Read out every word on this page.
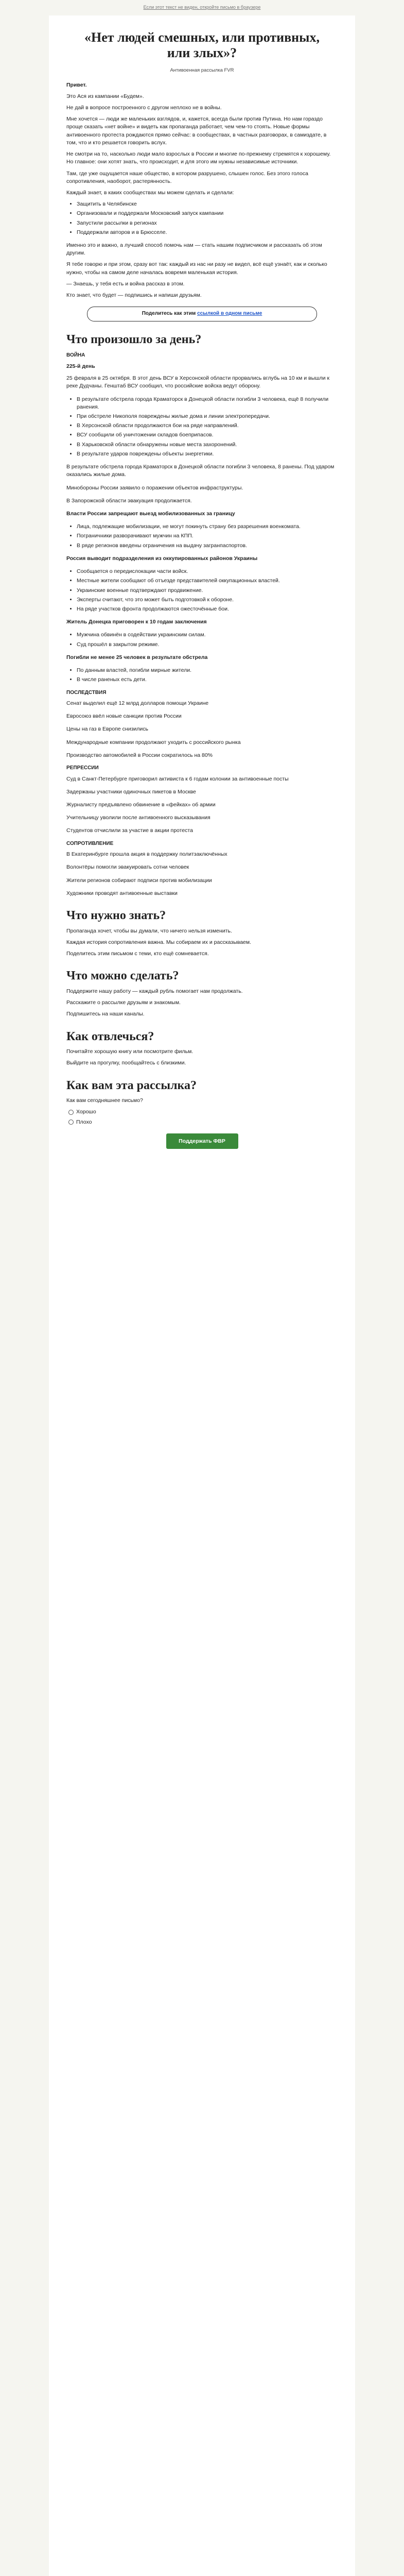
Если этот текст не виден, откройте письмо в браузере
«Нет людей смешных, или противных, или злых»?
Антивоенная рассылка FVR

Привет.

Это Ася из кампании «Будем».

Не дай в вопросе построенного с другом неплохо не в войны.

Мне хочется — люди же маленьких взглядов, и, кажется, всегда были против Путина. Но нам гораздо проще сказать «нет войне» и видеть как пропаганда работает, чем чем-то стоять. Новые формы антивоенного протеста рождаются прямо сейчас: в сообществах, в частных разговорах, в самиздате, в том, что и кто решается говорить вслух.

Не смотри на то, насколько люди мало взрослых в России и многие по-прежнему стремятся к хорошему. Но главное: они хотят знать, что происходит, и для этого им нужны независимые источники.

Там, где уже ощущается наше общество, в котором разрушено, слышен голос. Без этого голоса сопротивления, наоборот, растерянность.

Каждый знает, в каких сообществах мы можем сделать и сделали:

• Защитить в Челябинске
• Организовали и поддержали Московский запуск кампании
• Запустили рассылки в регионах
• Поддержали авторов и в Брюсселе.

Именно это и важно, а лучший способ помочь нам — стать нашим подписчиком и рассказать об этом другим.

Я тебе говорю и при этом, сразу вот так: каждый из нас ни разу не видел, всё ещё узнаёт, как и сколько нужно, чтобы на самом деле началась вовремя маленькая история.

— Знаешь, у тебя есть и война рассказ в этом.

Кто знает, что будет — подпишись и напиши друзьям.

Поделитесь как этим ссылкой в одном письме
Что произошло за день?
ВОЙНА
225-й день

25 февраля в 25 октября. В этот день ВСУ в Херсонской области прорвались вглубь на 10 км и вышли к реке Дудчаны. Генштаб ВСУ сообщил, что российские войска ведут оборону.

• В результате обстрела города Краматорск в Донецкой области погибли 3 человека, ещё 8 получили ранения.
• При обстреле Никополя повреждены жилые дома и линии электропередачи.
• В Херсонской области продолжаются бои на ряде направлений.
• ВСУ сообщили об уничтожении складов боеприпасов.
• В Харьковской области обнаружены новые места захоронений.
• В результате ударов повреждены объекты энергетики.

В результате обстрела города Краматорск в Донецкой области погибли 3 человека, 8 ранены. Под ударом оказались жилые дома.

Минобороны России заявило о поражении объектов инфраструктуры.

В Запорожской области эвакуация продолжается.

Власти России запрещают выезд мобилизованных за границу

• Лица, подлежащие мобилизации, не могут покинуть страну без разрешения военкомата.
• Пограничники разворачивают мужчин на КПП.
• В ряде регионов введены ограничения на выдачу загранпаспортов.

Россия выводит подразделения из оккупированных районов Украины

• Сообщается о передислокации части войск.
• Местные жители сообщают об отъезде представителей оккупационных властей.
• Украинские военные подтверждают продвижение.
• Эксперты считают, что это может быть подготовкой к обороне.
• На ряде участков фронта продолжаются ожесточённые бои.

Житель Донецка приговорен к 10 годам заключения

• Мужчина обвинён в содействии украинским силам.
• Суд прошёл в закрытом режиме.

Погибли не менее 25 человек в результате обстрела

• По данным властей, погибли мирные жители.
• В числе раненых есть дети.
ПОСЛЕДСТВИЯ

Сенат выделил ещё 12 млрд долларов помощи Украине

Евросоюз ввёл новые санкции против России

Цены на газ в Европе снизились

Международные компании продолжают уходить с российского рынка

Производство автомобилей в России сократилось на 80%

РЕПРЕССИИ

Суд в Санкт-Петербурге приговорил активиста к 6 годам колонии за антивоенные посты

Задержаны участники одиночных пикетов в Москве

Журналисту предъявлено обвинение в «фейках» об армии

Учительницу уволили после антивоенного высказывания

Студентов отчислили за участие в акции протеста

СОПРОТИВЛЕНИЕ

В Екатеринбурге прошла акция в поддержку политзаключённых

Волонтёры помогли эвакуировать сотни человек

Жители регионов собирают подписи против мобилизации

Художники проводят антивоенные выставки

Что нужно знать?

Пропаганда хочет, чтобы вы думали, что ничего нельзя изменить.

Каждая история сопротивления важна. Мы собираем их и рассказываем.

Поделитесь этим письмом с теми, кто ещё сомневается.

Что можно сделать?

Поддержите нашу работу — каждый рубль помогает нам продолжать.

Расскажите о рассылке друзьям и знакомым.

Подпишитесь на наши каналы.

Как отвлечься?

Почитайте хорошую книгу или посмотрите фильм.

Выйдите на прогулку, пообщайтесь с близкими.

Как вам эта рассылка?

Как вам сегодняшнее письмо?

Хорошо
Плохо
Поддержать ФВР
